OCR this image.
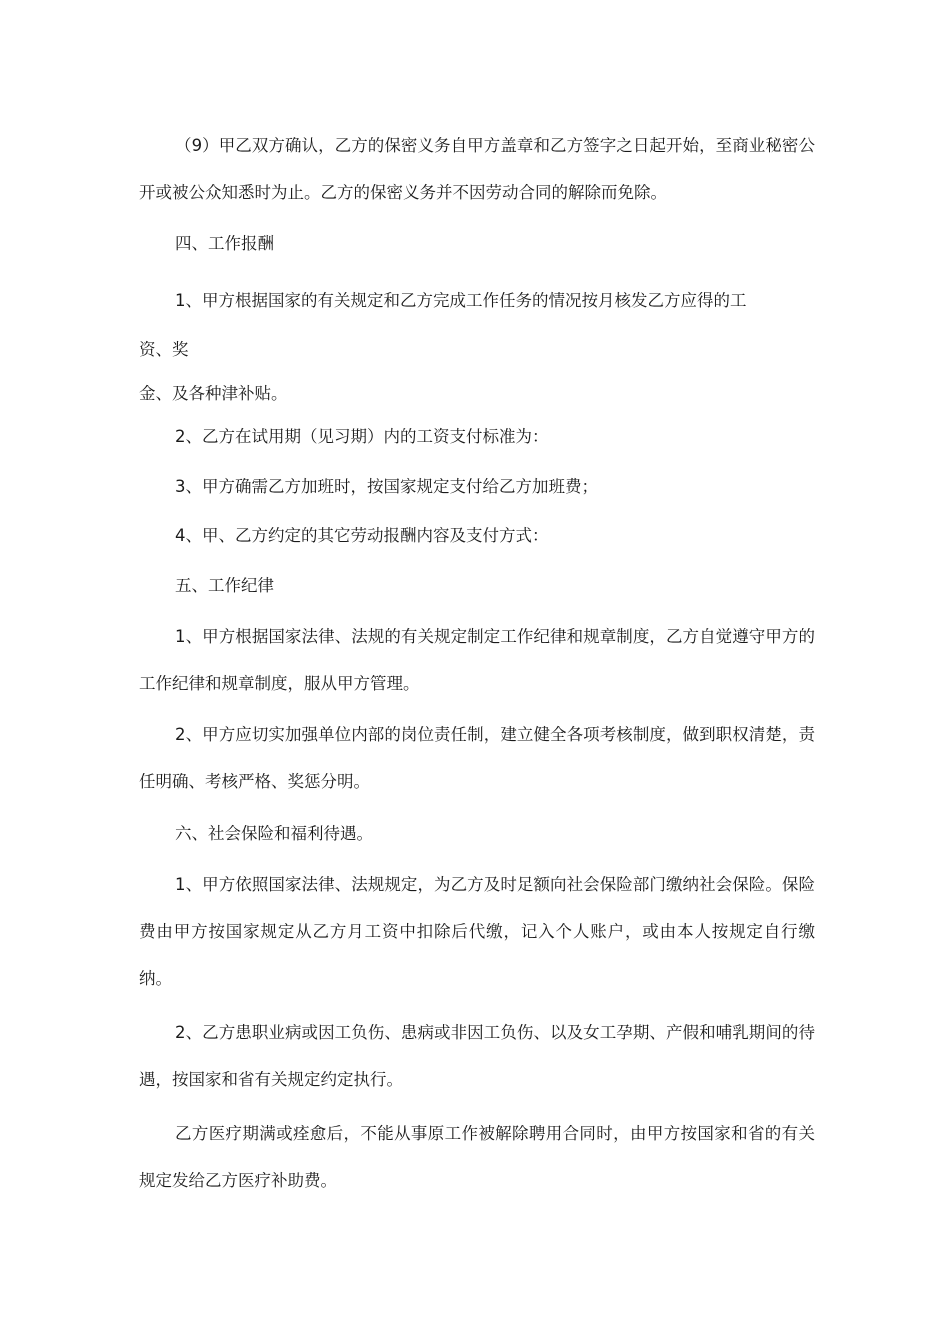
（9）甲乙双方确认，乙方的保密义务自甲方盖章和乙方签字之日起开始，至商业秘密公开或被公众知悉时为止。乙方的保密义务并不因劳动合同的解除而免除。
四、工作报酬
1、甲方根据国家的有关规定和乙方完成工作任务的情况按月核发乙方应得的工
资、奖
金、及各种津补贴。
2、乙方在试用期（见习期）内的工资支付标准为：
3、甲方确需乙方加班时，按国家规定支付给乙方加班费；
4、甲、乙方约定的其它劳动报酬内容及支付方式：
五、工作纪律
1、甲方根据国家法律、法规的有关规定制定工作纪律和规章制度，乙方自觉遵守甲方的工作纪律和规章制度，服从甲方管理。
2、甲方应切实加强单位内部的岗位责任制，建立健全各项考核制度，做到职权清楚，责任明确、考核严格、奖惩分明。
六、社会保险和福利待遇。
1、甲方依照国家法律、法规规定，为乙方及时足额向社会保险部门缴纳社会保险。保险费由甲方按国家规定从乙方月工资中扣除后代缴，记入个人账户，或由本人按规定自行缴纳。
2、乙方患职业病或因工负伤、患病或非因工负伤、以及女工孕期、产假和哺乳期间的待遇，按国家和省有关规定约定执行。
乙方医疗期满或痊愈后，不能从事原工作被解除聘用合同时，由甲方按国家和省的有关规定发给乙方医疗补助费。
